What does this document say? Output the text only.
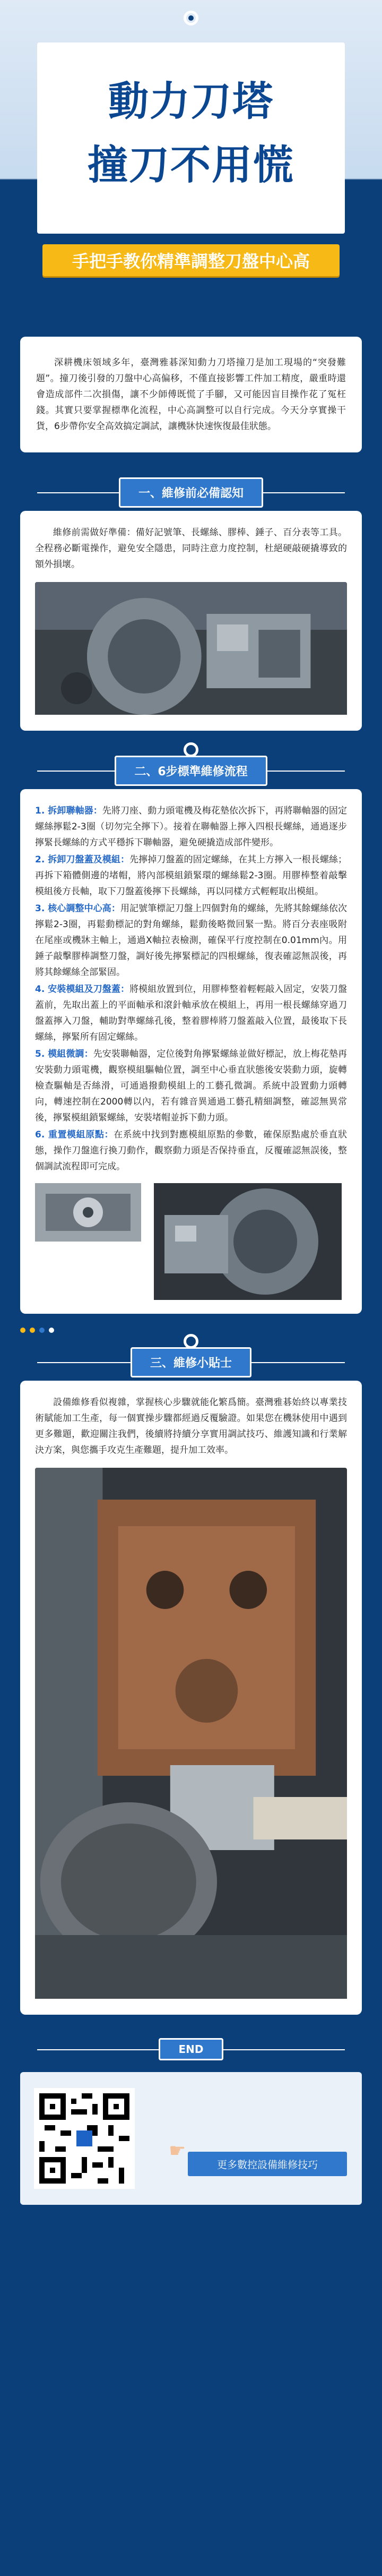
動力刀塔
撞刀不用慌
手把手教你精準調整刀盤中心高

深耕機床領域多年，臺灣雅碁深知動力刀塔撞刀是加工現場的“突發難題”。撞刀後引發的刀盤中心高偏移，不僅直接影響工件加工精度，嚴重時還會造成部件二次損傷，讓不少師傅既慌了手腳，又可能因盲目操作花了冤枉錢。其實只要掌握標準化流程，中心高調整可以自行完成。今天分享實操干貨，6步帶你安全高效搞定調試，讓機牀快速恢復最佳狀態。

一、維修前必備認知

維修前需做好準備：備好記號筆、長螺絲、膠棒、錘子、百分表等工具。全程務必斷電操作，避免安全隱患，同時注意力度控制，杜絕硬敲硬撬導致的額外損壞。

二、6步標準維修流程

1. 拆卸聯軸器：先將刀座、動力頭電機及梅花墊依次拆下，再將聯軸器的固定螺絲擰鬆2-3圈（切勿完全擰下）。接着在聯軸器上擰入四根長螺絲，通過逐步擰緊長螺絲的方式平穩拆下聯軸器，避免硬撬造成部件變形。

2. 拆卸刀盤蓋及模組：先擰掉刀盤蓋的固定螺絲，在其上方擰入一根長螺絲；再拆下箱體側邊的堵帽，將內部模組鎖緊環的螺絲鬆2-3圈。用膠棒整着敲擊模組後方長軸，取下刀盤蓋後擰下長螺絲，再以同樣方式輕輕取出模組。

3. 核心調整中心高：用記號筆標記刀盤上四個對角的螺絲，先將其餘螺絲依次擰鬆2-3圈，再鬆動標記的對角螺絲，鬆動後略微回緊一點。將百分表座吸附在尾座或機牀主軸上，通過X軸拉表檢測，確保平行度控制在0.01mm內。用錘子敲擊膠棒調整刀盤，調好後先擰緊標記的四根螺絲，復表確認無誤後，再將其餘螺絲全部緊固。

4. 安裝模組及刀盤蓋：將模組放置到位，用膠棒整着輕輕敲入固定，安裝刀盤蓋前，先取出蓋上的平面軸承和滾針軸承放在模組上，再用一根長螺絲穿過刀盤蓋擰入刀盤，輔助對準螺絲孔後，整着膠棒將刀盤蓋敲入位置，最後取下長螺絲，擰緊所有固定螺絲。

5. 模組微調：先安裝聯軸器，定位後對角擰緊螺絲並做好標記，放上梅花墊再安裝動力頭電機，觀察模組驅軸位置，調至中心垂直狀態後安裝動力頭，旋轉檢查驅軸是否絲滑，可通過撥動模組上的工藝孔微調。系統中設置動力頭轉向，轉速控制在2000轉以內，若有雜音異通過工藝孔精細調整，確認無異常後，擰緊模組鎖緊螺絲，安裝堵帽並拆下動力頭。

6. 重置模組原點：在系統中找到對應模組原點的參數，確保原點處於垂直狀態，操作刀盤進行換刀動作，觀察動力頭是否保持垂直，反覆確認無誤後，整個調試流程即可完成。

三、維修小貼士

設備維修看似複雜，掌握核心步驟就能化繁爲簡。臺灣雅碁始終以專業技術賦能加工生產，每一個實操步驟都經過反覆驗證。如果您在機牀使用中遇到更多難題，歡迎關注我們，後續將持續分享實用調試技巧、維護知識和行業解決方案，與您攜手攻克生產難題，提升加工效率。

END
☛
更多數控設備維修技巧
